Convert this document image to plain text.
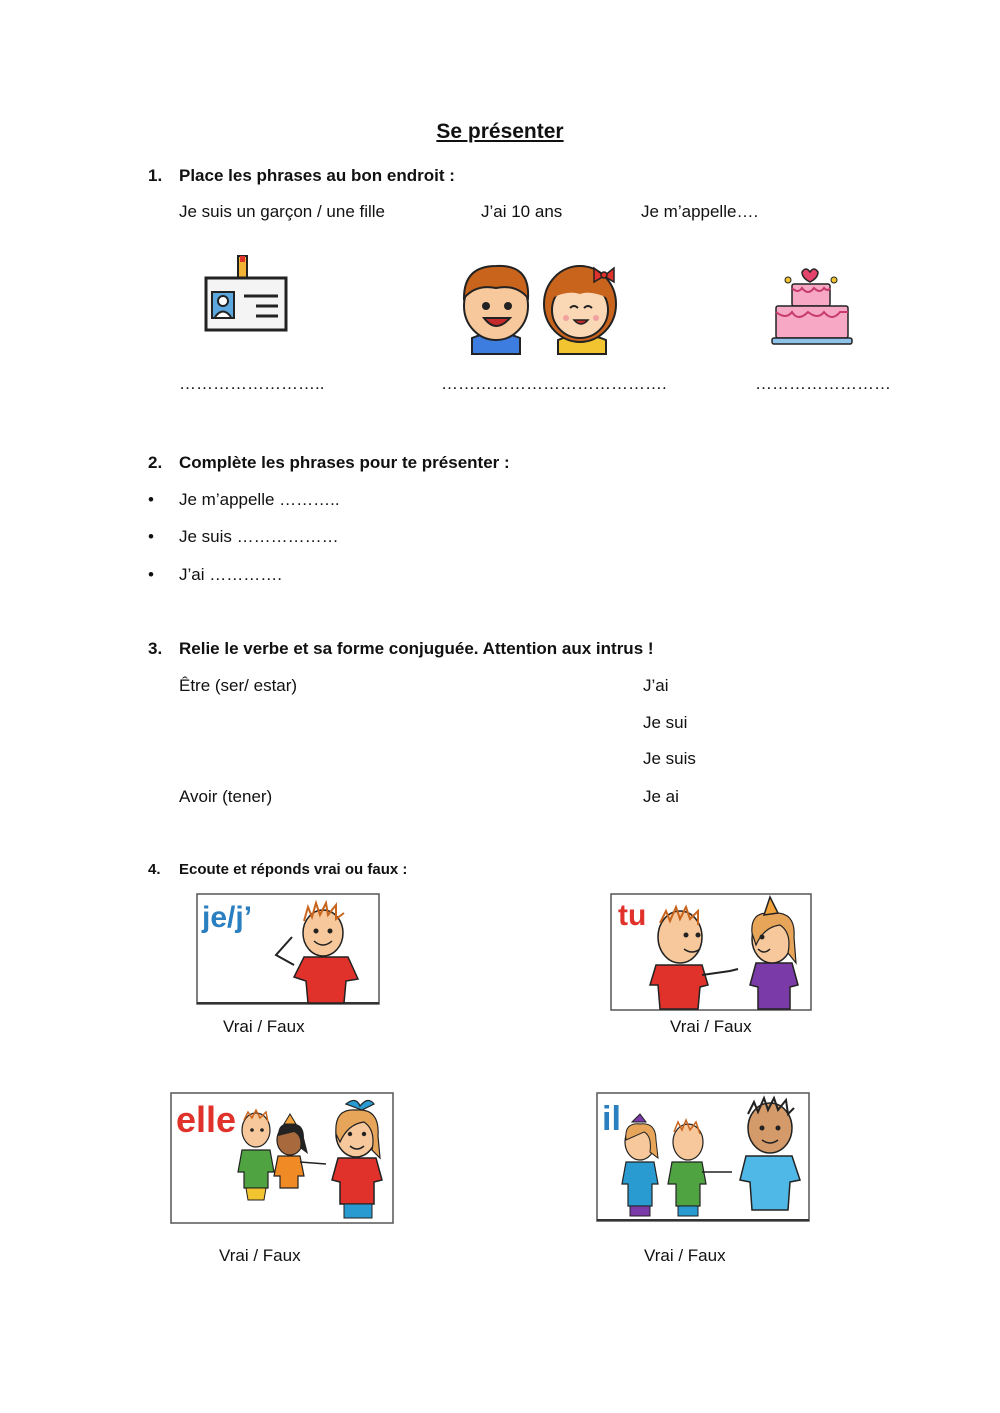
Se présenter
1. Place les phrases au bon endroit :
Je suis un garçon / une fille	J’ai 10 ans	Je m’appelle….
……………………..	………………………………….	……………………
2. Complète les phrases pour te présenter :
• Je m’appelle ………..
• Je suis ………………
• J’ai ………….
3. Relie le verbe et sa forme conjuguée. Attention aux intrus !
Être (ser/ estar)
Avoir (tener)
J’ai
Je sui
Je suis
Je ai
4. Ecoute et réponds vrai ou faux :
je/j’
Vrai / Faux
tu
Vrai / Faux
elle
Vrai / Faux
il
Vrai / Faux
